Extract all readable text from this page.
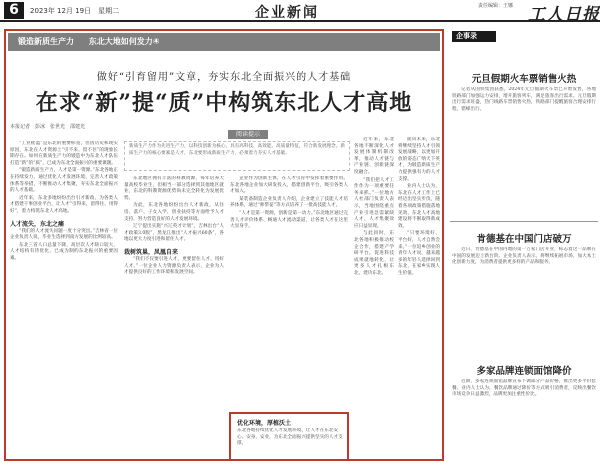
6	2023年 12月 19日　星期二	企业新闻	责任编辑：王娜 工人日报
锻造新质生产力 东北大地如何发力④
做好“引育留用”文章，夯实东北全面振兴的人才基础
在求“新”提“质”中构筑东北人才高地
本报记者　彭冰　张世光　邵建光
阅读提示
新质生产力作为先进生产力，以科技创新为核心，具有高科技、高效能、高质量特征，符合新发展理念。新质生产力的核心要素是人才，东北要形成新质生产力，必须着力夯实人才基础。

“工业摇篮”是东北的重要标签，但因历史和现实原因，东北在人才资源上“引不来、留不住”的现象长期存在。如何在新质生产力的锻造中为东北人才队伍打造“新”的“质”，已成为东北全面振兴的重要课题。

“锻造新质生产力，人才是第一资源。”东北各地正在持续发力，通过优化人才发展环境、完善人才政策体系等举措，不断推动人才集聚，夯实东北全面振兴的人才基础。

近年来，东北多地纷纷出台引才新政，为各类人才搭建干事创业平台，让人才“引得来、留得住、用得好”，着力构筑东北人才高地。

人才流失，东北之痛

“我们的人才流失问题一度十分突出。”吉林省一位企业负责人说，毕业生选择到南方发展的比例较高。

东北三省人口总量下降，高层次人才缺口较大，人才结构有待优化，已成为制约东北振兴的重要因素。

东北地区拥有丰富的科教资源，每年培养大量高校毕业生，但相当一部分选择到其他地区就业，东北的科教资源优势尚未完全转化为发展优势。

为此，东北各地纷纷出台人才新政，从住房、落户、子女入学、创业扶持等方面给予人才支持，努力营造良好的人才发展环境。

辽宁提出实施“兴辽英才计划”，吉林出台“人才政策3.0版”，黑龙江推出“人才振兴60条”，各地以更大力度引进和留住人才。

栽树筑巢，凤凰自来

“我们不仅要引进人才，更要留住人才、用好人才。”一位企业人力资源负责人表示，企业为人才提供良好的工作环境和发展空间。

企业作为创新主体，在人才引育中发挥着重要作用。东北各地企业加大研发投入，搭建创新平台，吸引各类人才加入。

某装备制造企业负责人介绍，企业建立了技能人才培养体系，通过“师带徒”等方式培养了一批高技能人才。

“人才是第一资源，创新是第一动力。”东北地区通过完善人才评价体系、畅通人才流动渠道，让各类人才在这里大显身手。

优化环境，厚植沃土
东北各地持续优化人才发展环境，让人才在东北安心、安身、安业，为东北全面振兴提供坚实的人才支撑。

近年来，东北各地不断深化人才发展体制机制改革，推动人才链与产业链、创新链深度融合。

“我们把人才工作作为一项重要任务来抓。”一位地方人社部门负责人表示，当地围绕重点产业引进急需紧缺人才，人才集聚效应日益显现。

与此同时，东北各地积极推动校企合作，搭建产学研平台，促进科技成果就地转化，让更多人才扎根东北、建功东北。

面向未来，东北将继续坚持人才引领发展战略，以更加开放的姿态广纳天下英才，为锻造新质生产力提供强有力的人才支撑。

业内人士认为，东北在人才工作上已经迈出坚实步伐，随着各项政策措施落地见效，东北人才高地建设将不断取得新成效。

“只要环境好、平台好，人才自然会来。”一位返乡创业的青年人才说，越来越多的年轻人选择回到东北，在家乡实现人生价值。

企事录
元旦假期火车票销售火热

记者从国铁集团获悉，2024年元旦假期火车票已开始发售，各地铁路部门加强运力安排，增开旅客列车，满足旅客出行需求。元旦假期出行需求旺盛，热门线路车票销售火热，铁路部门提醒旅客合理安排行程，错峰出行。

肯德基在中国门店破万

近日，肯德基在中国内地的第一万家门店开业，标志着这一品牌在中国的发展迈上新台阶。企业负责人表示，将继续拓展市场，加大本土化创新力度，为消费者提供更多样的产品和服务。

多家品牌连锁面馆降价

近期，多家连锁面馆品牌宣布下调部分产品价格，推出更多平价套餐。业内人士认为，餐饮品牌通过降价等方式吸引消费者，反映出餐饮市场竞争日益激烈，品牌更加注重性价比。
